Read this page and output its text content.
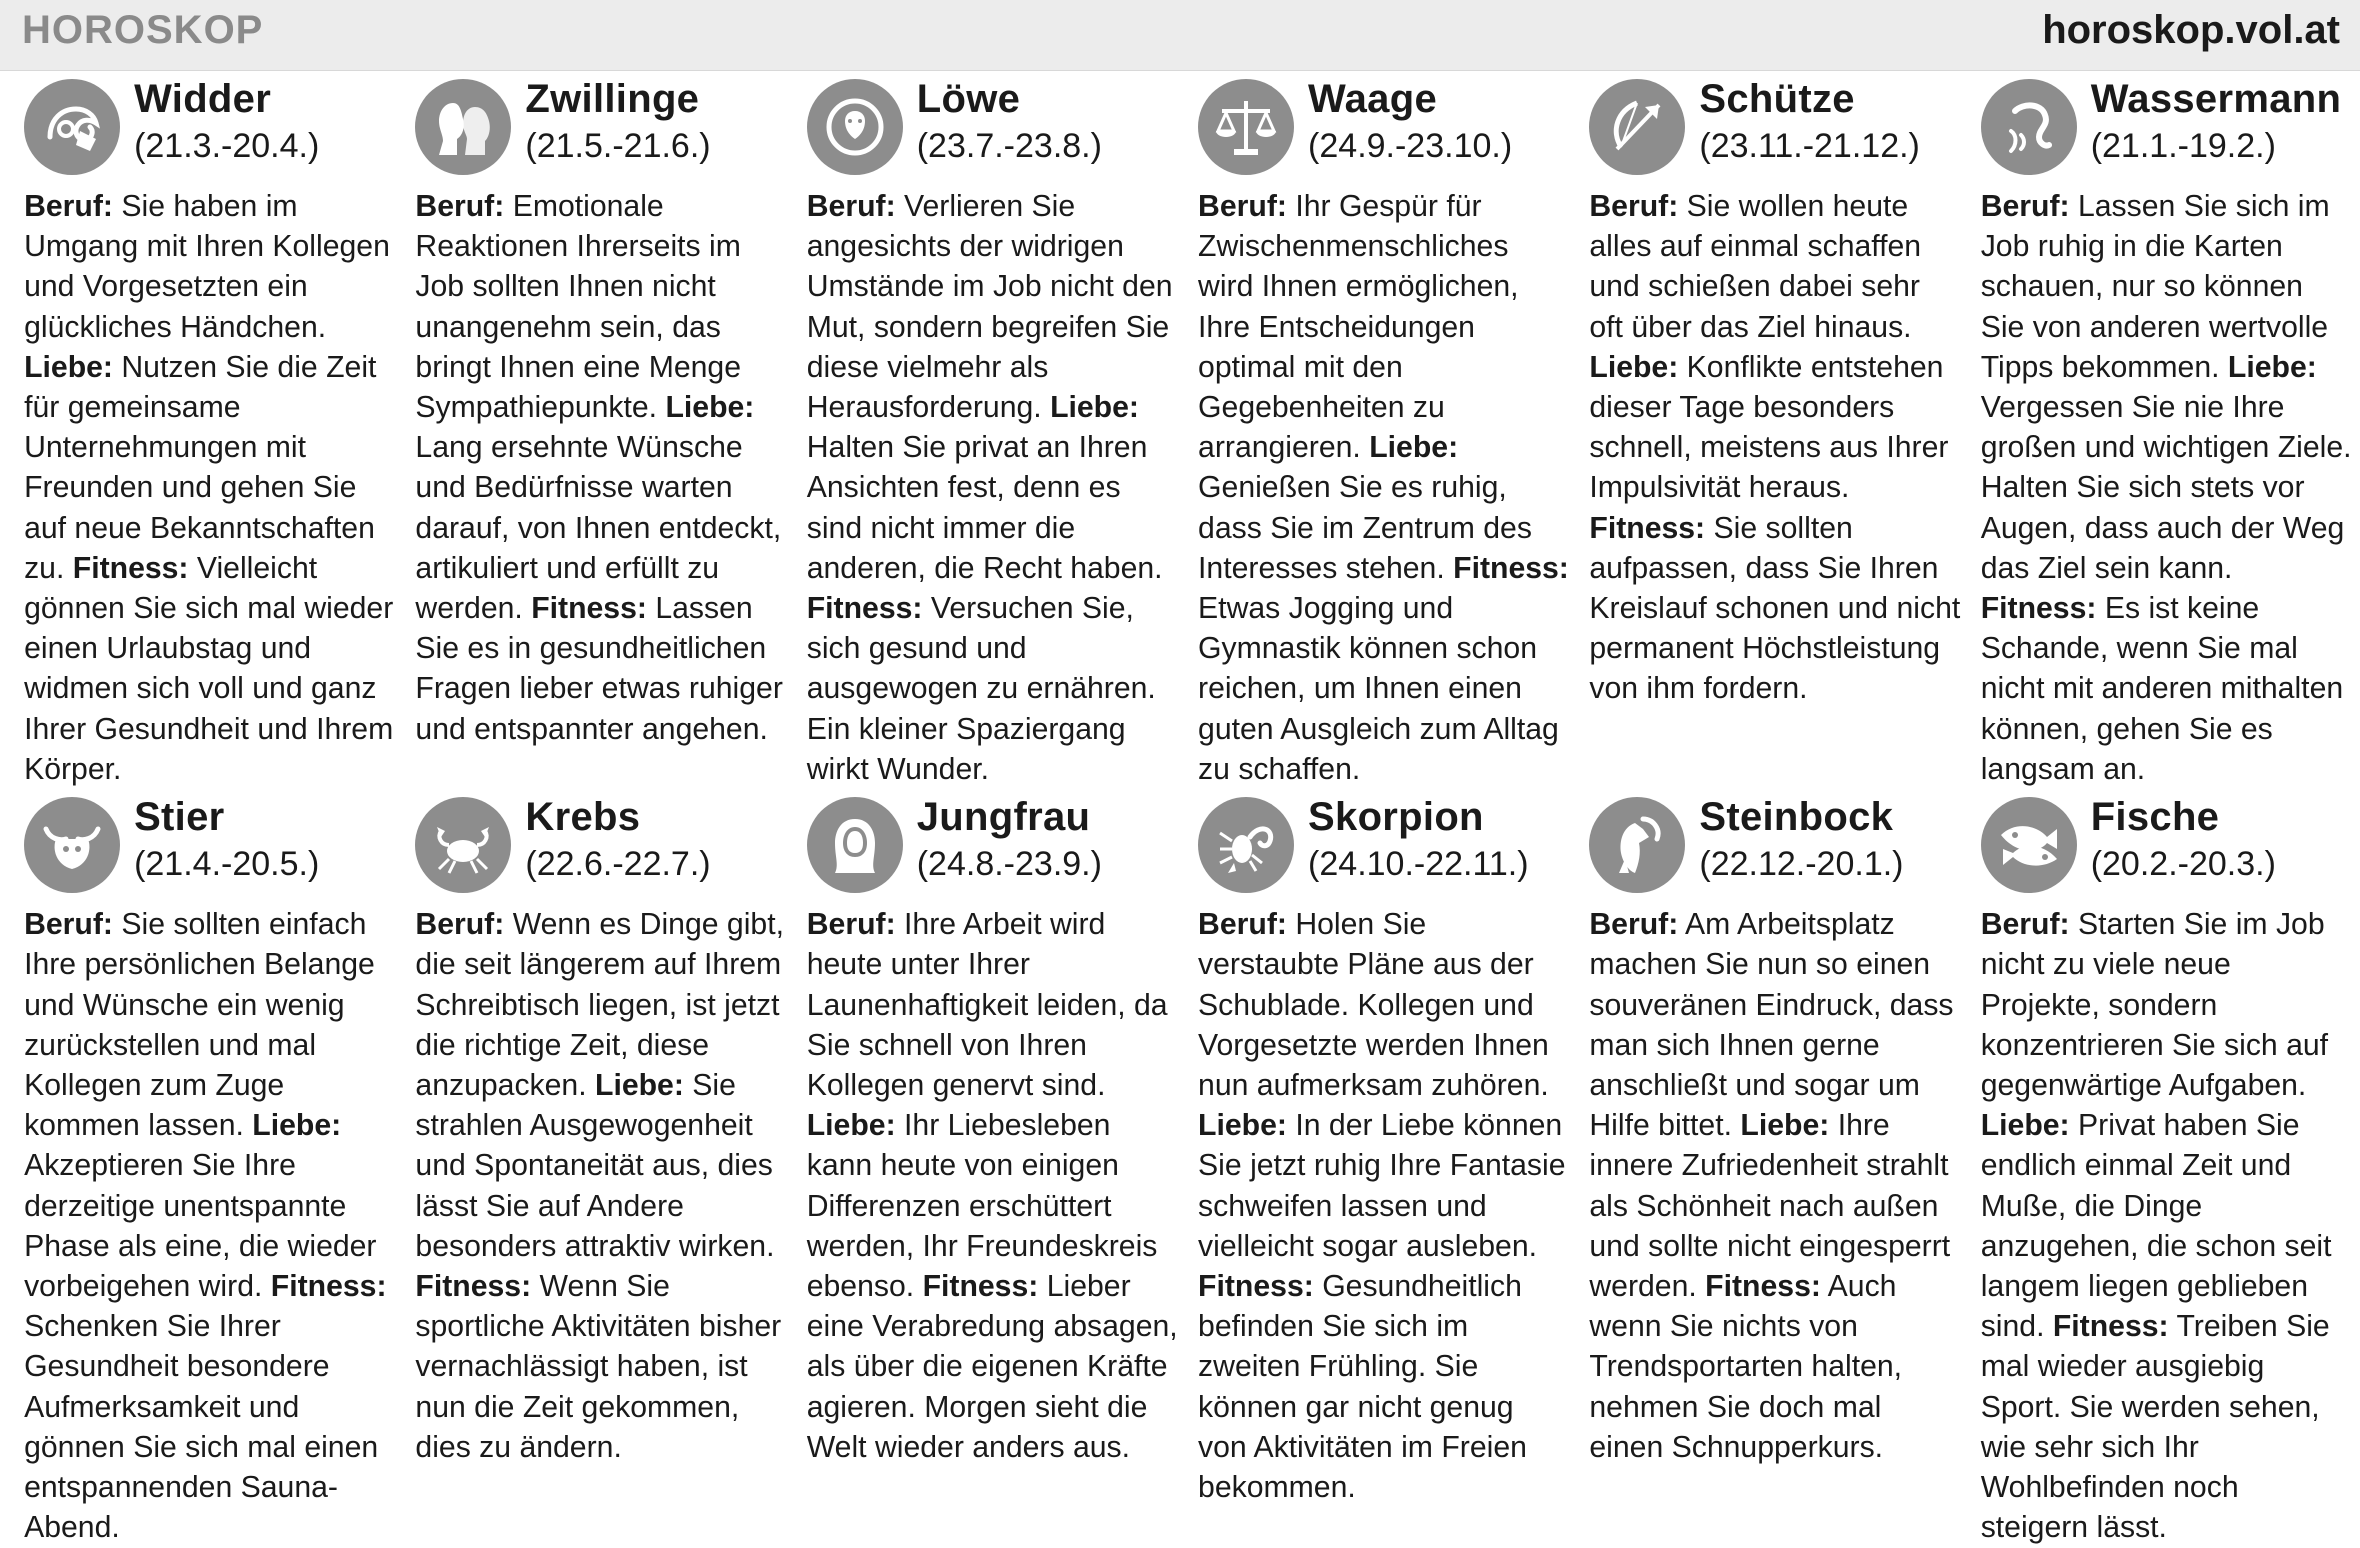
HOROSKOP	horoskop.vol.at
Widder
(21.3.-20.4.)

Beruf: Sie haben im Umgang mit Ihren Kollegen und Vorgesetzten ein glückliches Händchen. Liebe: Nutzen Sie die Zeit für gemeinsame Unternehmungen mit Freunden und gehen Sie auf neue Bekanntschaften zu. Fitness: Vielleicht gönnen Sie sich mal wieder einen Urlaubstag und widmen sich voll und ganz Ihrer Gesundheit und Ihrem Körper.

Zwillinge
(21.5.-21.6.)

Beruf: Emotionale Reaktionen Ihrerseits im Job sollten Ihnen nicht unangenehm sein, das bringt Ihnen eine Menge Sympathiepunkte. Liebe: Lang ersehnte Wünsche und Bedürfnisse warten darauf, von Ihnen entdeckt, artikuliert und erfüllt zu werden. Fitness: Lassen Sie es in gesundheitlichen Fragen lieber etwas ruhiger und entspannter angehen.

Löwe
(23.7.-23.8.)

Beruf: Verlieren Sie angesichts der widrigen Umstände im Job nicht den Mut, sondern begreifen Sie diese vielmehr als Herausforderung. Liebe: Halten Sie privat an Ihren Ansichten fest, denn es sind nicht immer die anderen, die Recht haben. Fitness: Versuchen Sie, sich gesund und ausgewogen zu ernähren. Ein kleiner Spaziergang wirkt Wunder.

Waage
(24.9.-23.10.)

Beruf: Ihr Gespür für Zwischenmenschliches wird Ihnen ermöglichen, Ihre Entscheidungen optimal mit den Gegebenheiten zu arrangieren. Liebe: Genießen Sie es ruhig, dass Sie im Zentrum des Interesses stehen. Fitness: Etwas Jogging und Gymnastik können schon reichen, um Ihnen einen guten Ausgleich zum Alltag zu schaffen.

Schütze
(23.11.-21.12.)

Beruf: Sie wollen heute alles auf einmal schaffen und schießen dabei sehr oft über das Ziel hinaus. Liebe: Konflikte entstehen dieser Tage besonders schnell, meistens aus Ihrer Impulsivität heraus. Fitness: Sie sollten aufpassen, dass Sie Ihren Kreislauf schonen und nicht permanent Höchstleistung von ihm fordern.

Wassermann
(21.1.-19.2.)

Beruf: Lassen Sie sich im Job ruhig in die Karten schauen, nur so können Sie von anderen wertvolle Tipps bekommen. Liebe: Vergessen Sie nie Ihre großen und wichtigen Ziele. Halten Sie sich stets vor Augen, dass auch der Weg das Ziel sein kann. Fitness: Es ist keine Schande, wenn Sie mal nicht mit anderen mithalten können, gehen Sie es langsam an.

Stier
(21.4.-20.5.)

Beruf: Sie sollten einfach Ihre persönlichen Belange und Wünsche ein wenig zurückstellen und mal Kollegen zum Zuge kommen lassen. Liebe: Akzeptieren Sie Ihre derzeitige unentspannte Phase als eine, die wieder vorbeigehen wird. Fitness: Schenken Sie Ihrer Gesundheit besondere Aufmerksamkeit und gönnen Sie sich mal einen entspannenden Sauna-Abend.

Krebs
(22.6.-22.7.)

Beruf: Wenn es Dinge gibt, die seit längerem auf Ihrem Schreibtisch liegen, ist jetzt die richtige Zeit, diese anzupacken. Liebe: Sie strahlen Ausgewogenheit und Spontaneität aus, dies lässt Sie auf Andere besonders attraktiv wirken. Fitness: Wenn Sie sportliche Aktivitäten bisher vernachlässigt haben, ist nun die Zeit gekommen, dies zu ändern.

Jungfrau
(24.8.-23.9.)

Beruf: Ihre Arbeit wird heute unter Ihrer Launenhaftigkeit leiden, da Sie schnell von Ihren Kollegen genervt sind. Liebe: Ihr Liebesleben kann heute von einigen Differenzen erschüttert werden, Ihr Freundeskreis ebenso. Fitness: Lieber eine Verabredung absagen, als über die eigenen Kräfte agieren. Morgen sieht die Welt wieder anders aus.

Skorpion
(24.10.-22.11.)

Beruf: Holen Sie verstaubte Pläne aus der Schublade. Kollegen und Vorgesetzte werden Ihnen nun aufmerksam zuhören. Liebe: In der Liebe können Sie jetzt ruhig Ihre Fantasie schweifen lassen und vielleicht sogar ausleben. Fitness: Gesundheitlich befinden Sie sich im zweiten Frühling. Sie können gar nicht genug von Aktivitäten im Freien bekommen.

Steinbock
(22.12.-20.1.)

Beruf: Am Arbeitsplatz machen Sie nun so einen souveränen Eindruck, dass man sich Ihnen gerne anschließt und sogar um Hilfe bittet. Liebe: Ihre innere Zufriedenheit strahlt als Schönheit nach außen und sollte nicht eingesperrt werden. Fitness: Auch wenn Sie nichts von Trendsportarten halten, nehmen Sie doch mal einen Schnupperkurs.

Fische
(20.2.-20.3.)

Beruf: Starten Sie im Job nicht zu viele neue Projekte, sondern konzentrieren Sie sich auf gegenwärtige Aufgaben. Liebe: Privat haben Sie endlich einmal Zeit und Muße, die Dinge anzugehen, die schon seit langem liegen geblieben sind. Fitness: Treiben Sie mal wieder ausgiebig Sport. Sie werden sehen, wie sehr sich Ihr Wohlbefinden noch steigern lässt.
